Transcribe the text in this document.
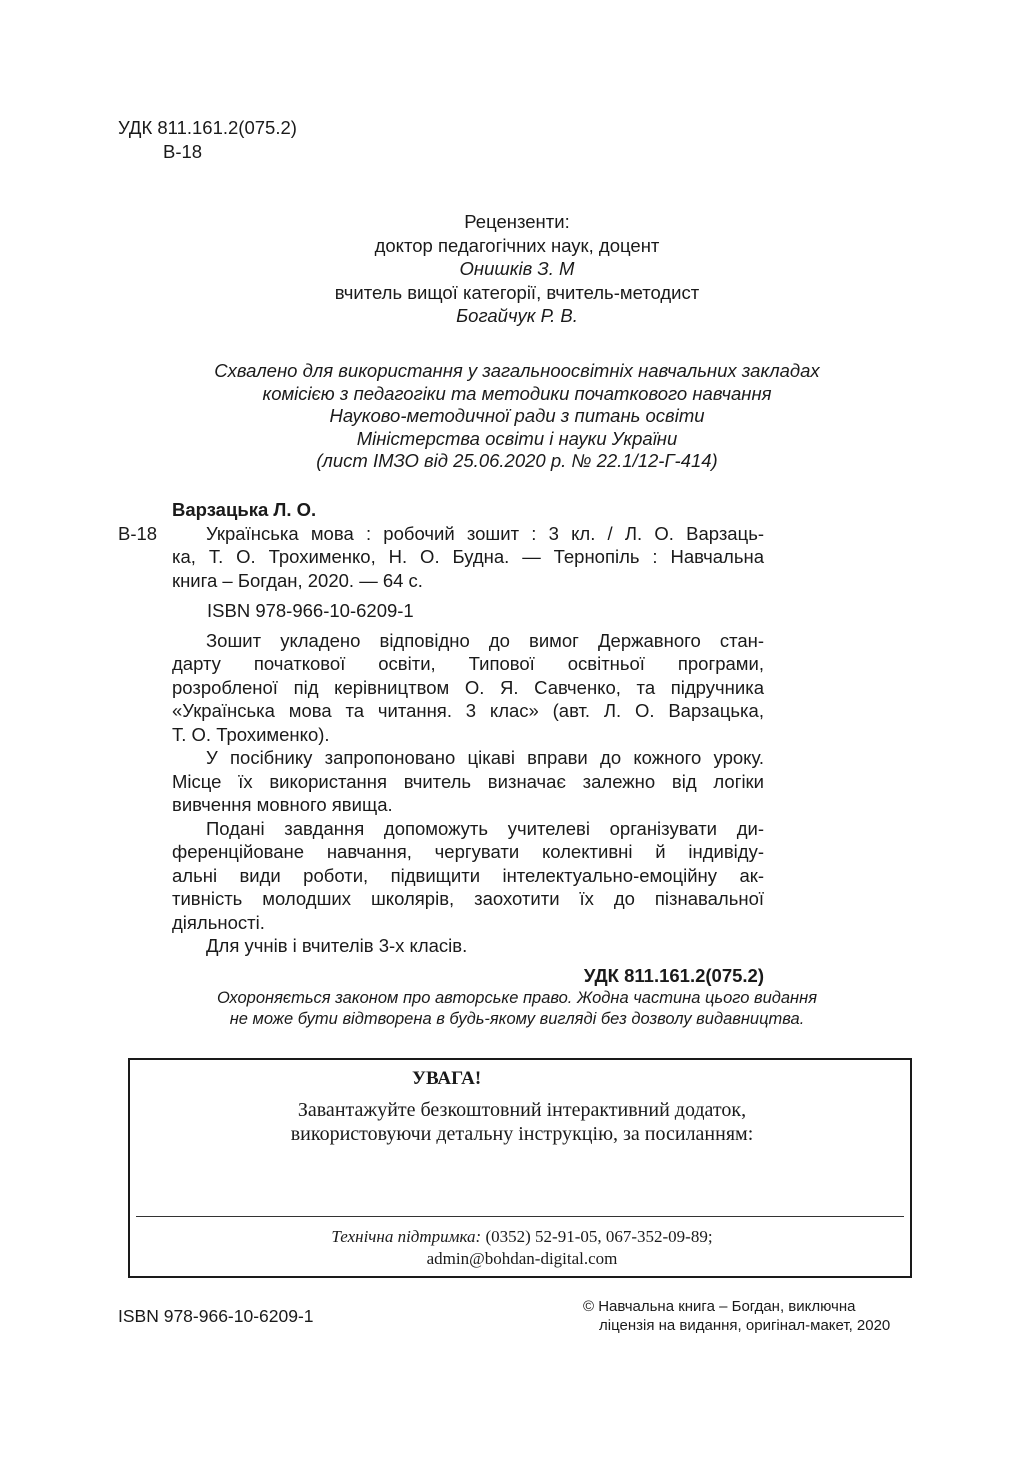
УДК 811.161.2(075.2)
В-18
Рецензенти:
доктор педагогічних наук, доцент
Онишків З. М
вчитель вищої категорії, вчитель-методист
Богайчук Р. В.
Схвалено для використання у загальноосвітніх навчальних закладах
комісією з педагогіки та методики початкового навчання
Науково-методичної ради з питань освіти
Міністерства освіти і науки України
(лист ІМЗО від 25.06.2020 р. № 22.1/12-Г-414)
Варзацька Л. О.
В-18	Українська мова : робочий зошит : 3 кл. / Л. О. Варзаць-
ка, Т. О. Трохименко, Н. О. Будна. — Тернопіль : Навчальна
книга – Богдан, 2020. — 64 с.
ISBN 978-966-10-6209-1
Зошит укладено відповідно до вимог Державного стан-
дарту початкової освіти, Типової освітньої програми,
розробленої під керівництвом О. Я. Савченко, та підручника
«Українська мова та читання. 3 клас» (авт. Л. О. Варзацька,
Т. О. Трохименко).
У посібнику запропоновано цікаві вправи до кожного уроку.
Місце їх використання вчитель визначає залежно від логіки
вивчення мовного явища.
Подані завдання допоможуть учителеві організувати ди-
ференційоване навчання, чергувати колективні й індивіду-
альні види роботи, підвищити інтелектуально-емоційну ак-
тивність молодших школярів, заохотити їх до пізнавальної
діяльності.
Для учнів і вчителів 3-х класів.
УДК 811.161.2(075.2)
Охороняється законом про авторське право. Жодна частина цього видання
не може бути відтворена в будь-якому вигляді без дозволу видавництва.
УВАГА!
Завантажуйте безкоштовний інтерактивний додаток,
використовуючи детальну інструкцію, за посиланням:
Технічна підтримка: (0352) 52-91-05, 067-352-09-89;
admin@bohdan-digital.com
ISBN 978-966-10-6209-1	© Навчальна книга – Богдан, виключна
ліцензія на видання, оригінал-макет, 2020
